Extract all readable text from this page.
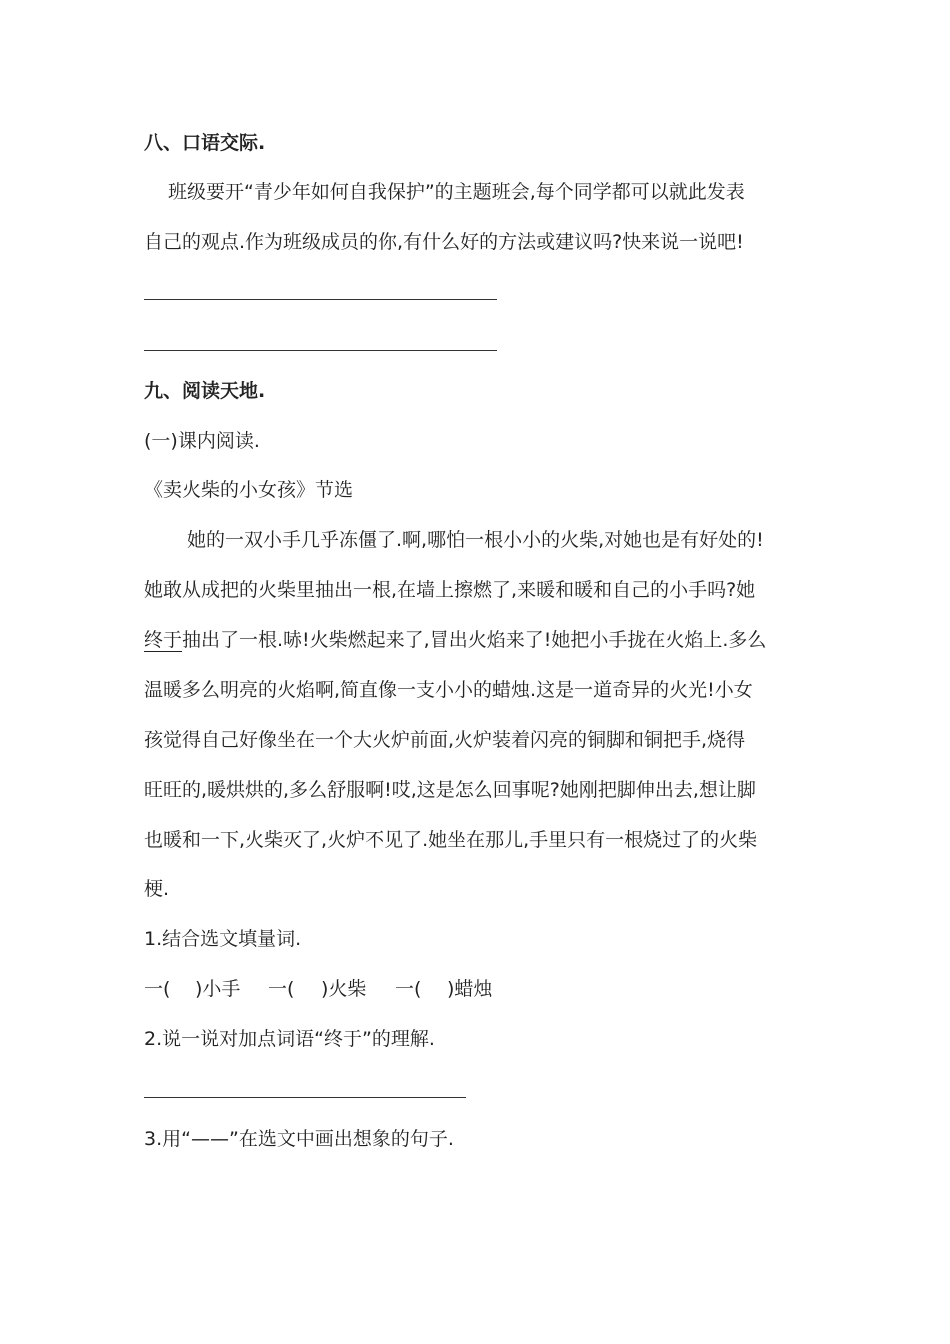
八、口语交际.
班级要开“青少年如何自我保护”的主题班会,每个同学都可以就此发表
自己的观点.作为班级成员的你,有什么好的方法或建议吗?快来说一说吧!
九、阅读天地.
(一)课内阅读.
《卖火柴的小女孩》节选
她的一双小手几乎冻僵了.啊,哪怕一根小小的火柴,对她也是有好处的!
她敢从成把的火柴里抽出一根,在墙上擦燃了,来暖和暖和自己的小手吗?她
终于抽出了一根.哧!火柴燃起来了,冒出火焰来了!她把小手拢在火焰上.多么
温暖多么明亮的火焰啊,简直像一支小小的蜡烛.这是一道奇异的火光!小女
孩觉得自己好像坐在一个大火炉前面,火炉装着闪亮的铜脚和铜把手,烧得
旺旺的,暖烘烘的,多么舒服啊!哎,这是怎么回事呢?她刚把脚伸出去,想让脚
也暖和一下,火柴灭了,火炉不见了.她坐在那儿,手里只有一根烧过了的火柴
梗.
1.结合选文填量词.
一(
)小手 一(
)火柴 一(
)蜡烛
2.说一说对加点词语“终于”的理解.
3.用“——”在选文中画出想象的句子.
